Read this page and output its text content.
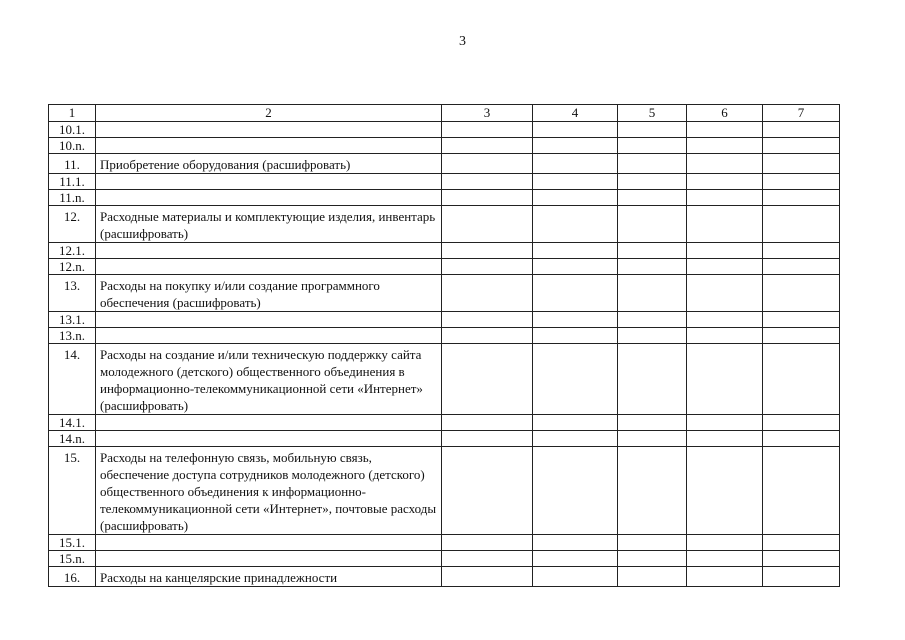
3
1	2	3	4	5	6	7
10.1.						
10.n.						
11.	Приобретение оборудования (расшифровать)					
11.1.						
11.n.						
12.	Расходные материалы и комплектующие изделия, инвентарь (расшифровать)					
12.1.						
12.n.						
13.	Расходы на покупку и/или создание программного обеспечения (расшифровать)					
13.1.						
13.n.						
14.	Расходы на создание и/или техническую поддержку сайта молодежного (детского) общественного объединения в информационно-телекоммуникационной сети «Интернет» (расшифровать)					
14.1.						
14.n.						
15.	Расходы на телефонную связь, мобильную связь, обеспечение доступа сотрудников молодежного (детского) общественного объединения к информационно-телекоммуникационной сети «Интернет», почтовые расходы (расшифровать)					
15.1.						
15.n.						
16.	Расходы на канцелярские принадлежности					
